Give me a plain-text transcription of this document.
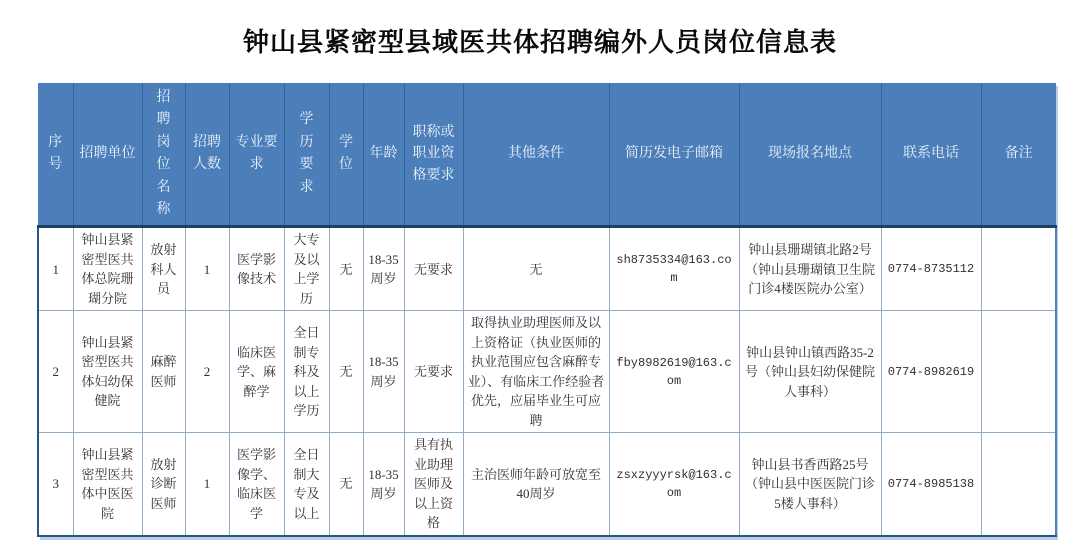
钟山县紧密型县域医共体招聘编外人员岗位信息表
序号	招聘单位	招聘岗位名称	招聘人数	专业要求	学历要求	学位	年龄	职称或职业资格要求	其他条件	简历发电子邮箱	现场报名地点	联系电话	备注
1	钟山县紧密型医共体总院珊瑚分院	放射科人员	1	医学影像技术	大专及以上学历	无	18-35周岁	无要求	无	sh8735334@163.com	钟山县珊瑚镇北路2号（钟山县珊瑚镇卫生院门诊4楼医院办公室）	0774-8735112	
2	钟山县紧密型医共体妇幼保健院	麻醉医师	2	临床医学、麻醉学	全日制专科及以上学历	无	18-35周岁	无要求	取得执业助理医师及以上资格证（执业医师的执业范围应包含麻醉专业）、有临床工作经验者优先，应届毕业生可应聘	fby8982619@163.com	钟山县钟山镇西路35-2号（钟山县妇幼保健院人事科）	0774-8982619	
3	钟山县紧密型医共体中医医院	放射诊断医师	1	医学影像学、临床医学	全日制大专及以上	无	18-35周岁	具有执业助理医师及以上资格	主治医师年龄可放宽至40周岁	zsxzyyyrsk@163.com	钟山县书香西路25号（钟山县中医医院门诊5楼人事科）	0774-8985138	
